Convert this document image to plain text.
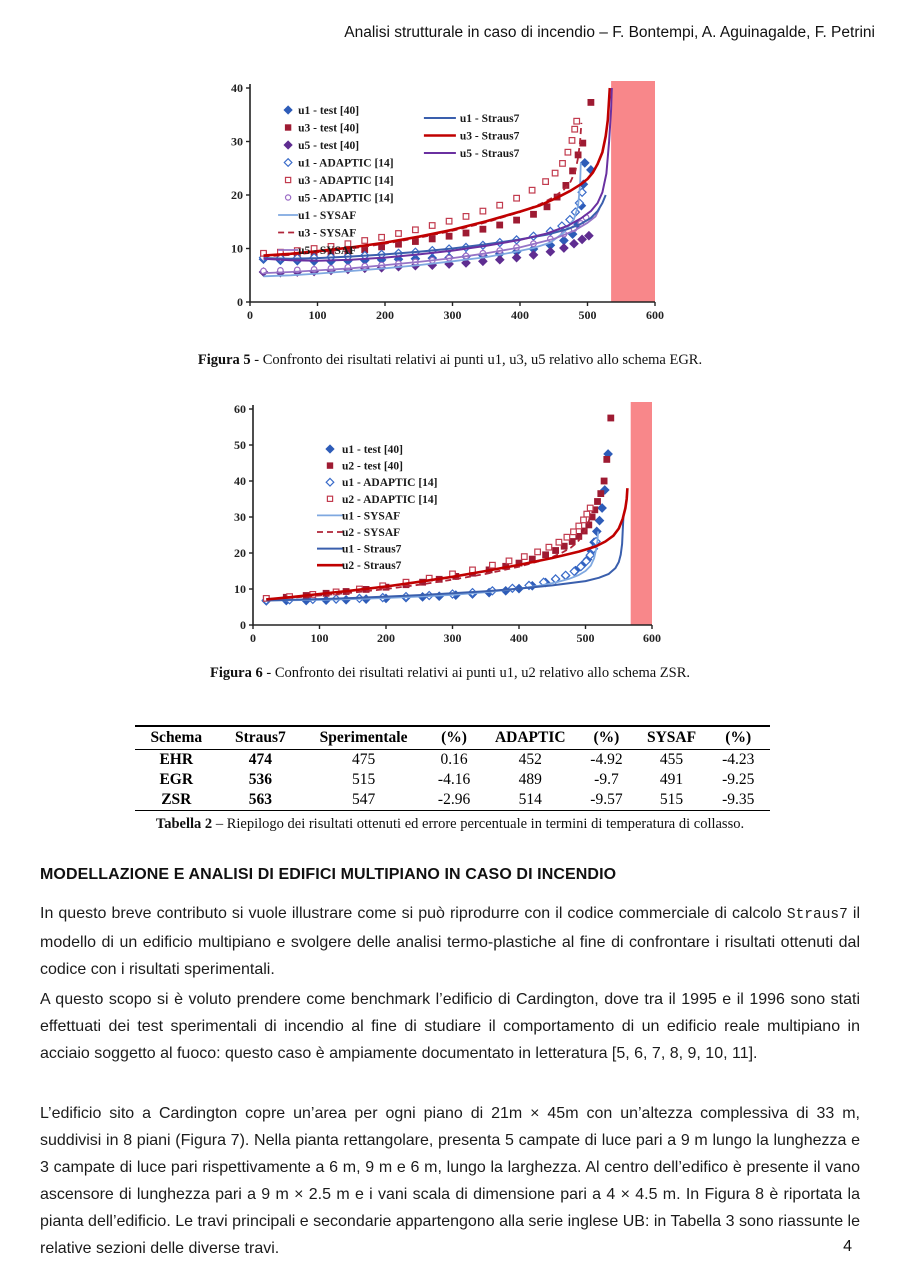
Analisi strutturale in caso di incendio – F. Bontempi, A. Aguinagalde, F. Petrini
0	100	200	300	400	500	600
0
10
20
30
40
u1 - test [40]
u3 - test [40]
u5 - test [40]
u1 - ADAPTIC [14]
u3 - ADAPTIC [14]
u5 - ADAPTIC [14]
u1 - SYSAF
u3 - SYSAF
u5 - SYSAF
u1 - Straus7
u3 - Straus7
u5 - Straus7
Figura 5 - Confronto dei risultati relativi ai punti u1, u3, u5 relativo allo schema EGR.
0	100	200	300	400	500	600
0
10
20
30
40
50
60
u1 - test [40]
u2 - test [40]
u1 - ADAPTIC [14]
u2 - ADAPTIC [14]
u1 - SYSAF
u2 - SYSAF
u1 - Straus7
u2 - Straus7
Figura 6 - Confronto dei risultati relativi ai punti u1, u2 relativo allo schema ZSR.
Schema	Straus7	Sperimentale	(%)	ADAPTIC	(%)	SYSAF	(%)
EHR	474	475	0.16	452	-4.92	455	-4.23
EGR	536	515	-4.16	489	-9.7	491	-9.25
ZSR	563	547	-2.96	514	-9.57	515	-9.35
Tabella 2 – Riepilogo dei risultati ottenuti ed errore percentuale in termini di temperatura di collasso.
MODELLAZIONE E ANALISI DI EDIFICI MULTIPIANO IN CASO DI INCENDIO

In questo breve contributo si vuole illustrare come si può riprodurre con il codice commerciale di calcolo Straus7 il modello di un edificio multipiano e svolgere delle analisi termo-plastiche al fine di confrontare i risultati ottenuti dal codice con i risultati sperimentali.

A questo scopo si è voluto prendere come benchmark l’edificio di Cardington, dove tra il 1995 e il 1996 sono stati effettuati dei test sperimentali di incendio al fine di studiare il comportamento di un edificio reale multipiano in acciaio soggetto al fuoco: questo caso è ampiamente documentato in letteratura [5, 6, 7, 8, 9, 10, 11].

L’edificio sito a Cardington copre un’area per ogni piano di 21m × 45m con un’altezza complessiva di 33 m, suddivisi in 8 piani (Figura 7). Nella pianta rettangolare, presenta 5 campate di luce pari a 9 m lungo la lunghezza e 3 campate di luce pari rispettivamente a 6 m, 9 m e 6 m, lungo la larghezza. Al centro dell’edifico è presente il vano ascensore di lunghezza pari a 9 m × 2.5 m e i vani scala di dimensione pari a 4 × 4.5 m. In Figura 8 è riportata la pianta dell’edificio. Le travi principali e secondarie appartengono alla serie inglese UB: in Tabella 3 sono riassunte le relative sezioni delle diverse travi.	4
